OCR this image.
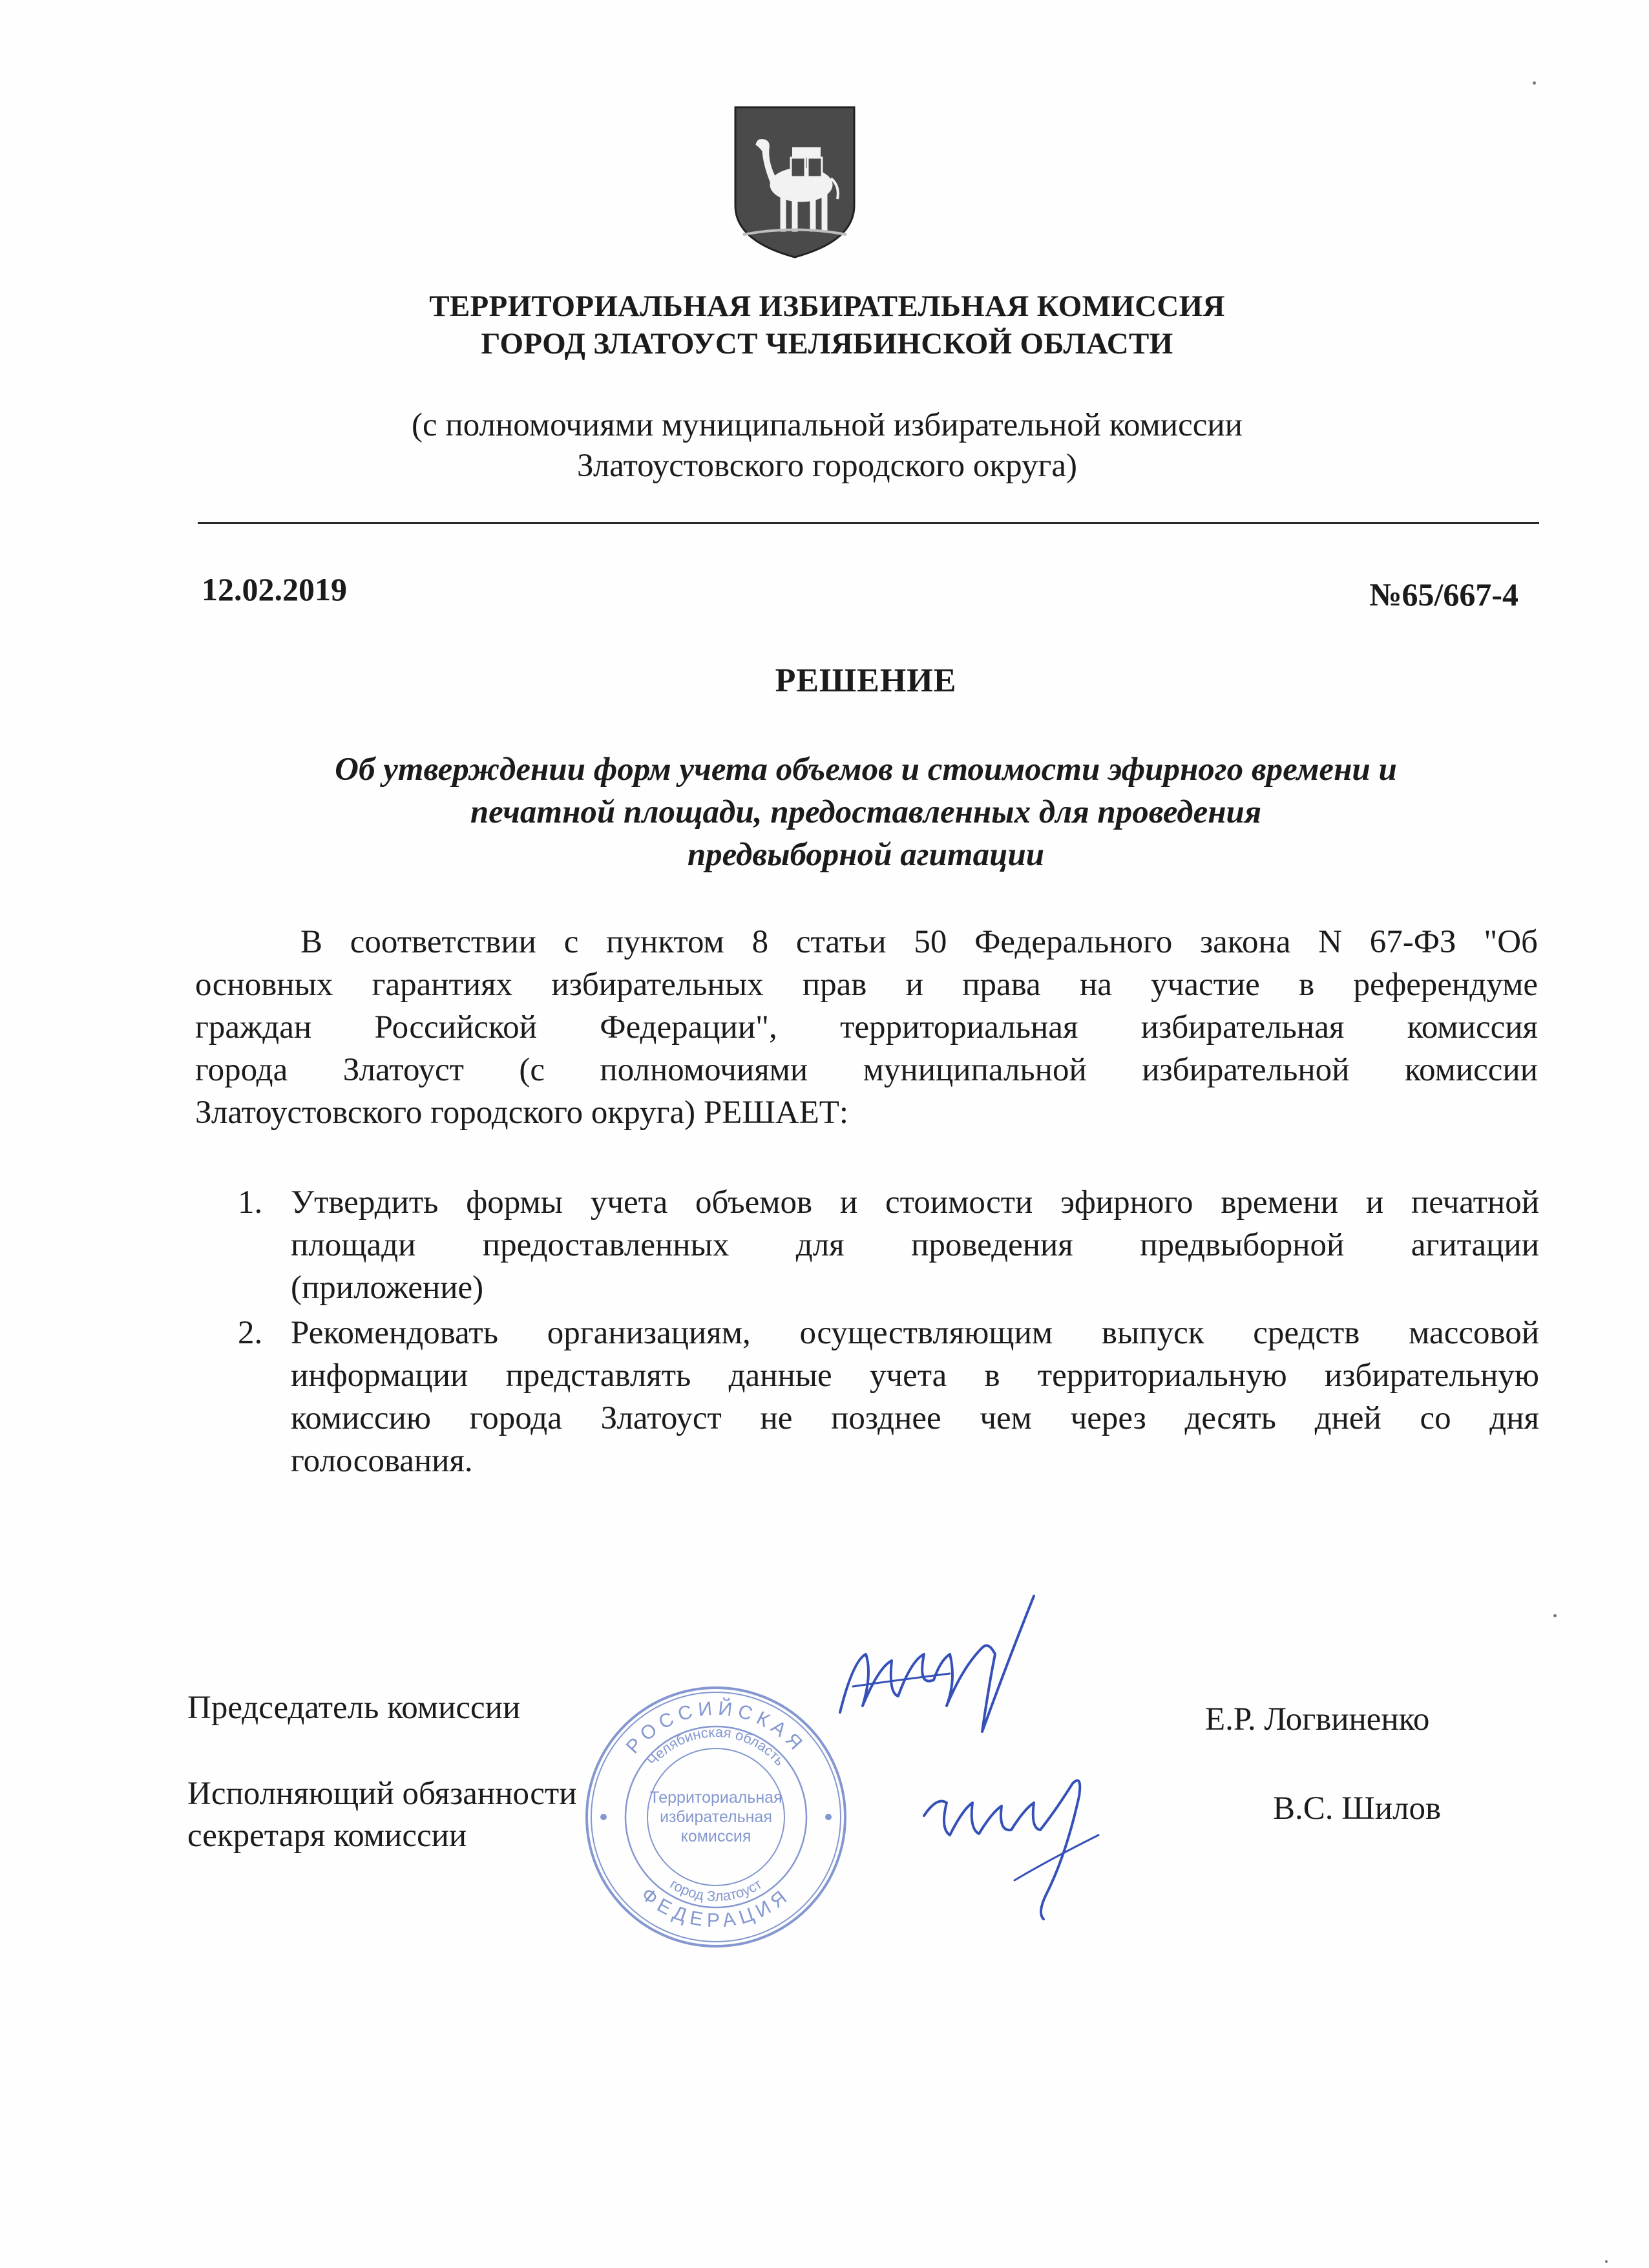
ТЕРРИТОРИАЛЬНАЯ ИЗБИРАТЕЛЬНАЯ КОМИССИЯ
ГОРОД ЗЛАТОУСТ ЧЕЛЯБИНСКОЙ ОБЛАСТИ
(с полномочиями муниципальной избирательной комиссии
Златоустовского городского округа)
12.02.2019	№65/667-4
РЕШЕНИЕ
Об утверждении форм учета объемов и стоимости эфирного времени и
печатной площади, предоставленных для проведения
предвыборной агитации
В соответствии с пунктом 8 статьи 50 Федерального закона N 67-ФЗ "Об
основных гарантиях избирательных прав и права на участие в референдуме
граждан Российской Федерации", территориальная избирательная комиссия
города Златоуст (с полномочиями муниципальной избирательной комиссии
Златоустовского городского округа) РЕШАЕТ:
1. Утвердить формы учета объемов и стоимости эфирного времени и печатной
площади предоставленных для проведения предвыборной агитации
(приложение)
2. Рекомендовать организациям, осуществляющим выпуск средств массовой
информации представлять данные учета в территориальную избирательную
комиссию города Златоуст не позднее чем через десять дней со дня
голосования.
Председатель комиссии	Е.Р. Логвиненко
Исполняющий обязанности
секретаря комиссии
В.С. Шилов
РОССИЙСКАЯ
ФЕДЕРАЦИЯ
Челябинская область
город Златоуст
Территориальная
избирательная
комиссия
